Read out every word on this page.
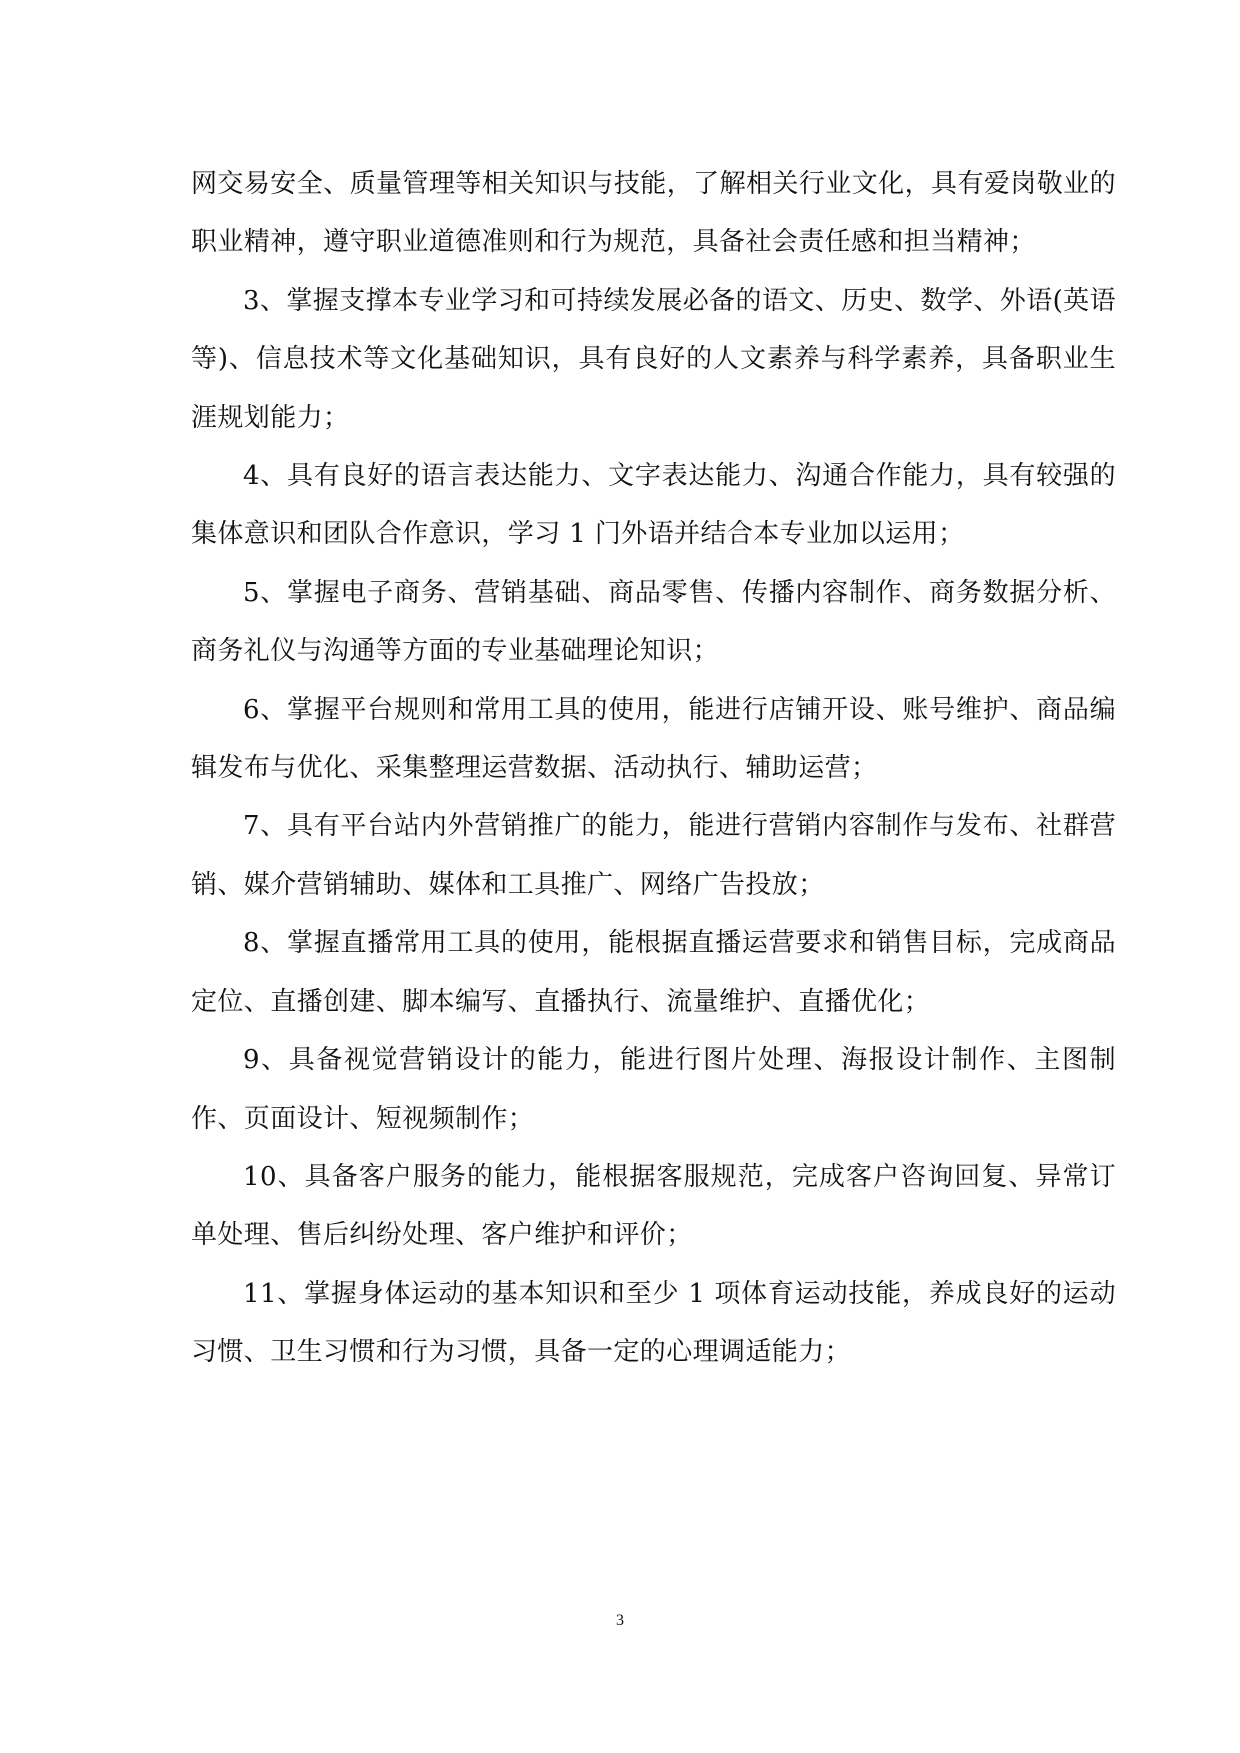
网交易安全、质量管理等相关知识与技能，了解相关行业文化，具有爱岗敬业的职业精神，遵守职业道德准则和行为规范，具备社会责任感和担当精神；

3、掌握支撑本专业学习和可持续发展必备的语文、历史、数学、外语(英语等)、信息技术等文化基础知识，具有良好的人文素养与科学素养，具备职业生涯规划能力；

4、具有良好的语言表达能力、文字表达能力、沟通合作能力，具有较强的集体意识和团队合作意识，学习 1 门外语并结合本专业加以运用；

5、掌握电子商务、营销基础、商品零售、传播内容制作、商务数据分析、商务礼仪与沟通等方面的专业基础理论知识；

6、掌握平台规则和常用工具的使用，能进行店铺开设、账号维护、商品编辑发布与优化、采集整理运营数据、活动执行、辅助运营；

7、具有平台站内外营销推广的能力，能进行营销内容制作与发布、社群营销、媒介营销辅助、媒体和工具推广、网络广告投放；

8、掌握直播常用工具的使用，能根据直播运营要求和销售目标，完成商品定位、直播创建、脚本编写、直播执行、流量维护、直播优化；

9、具备视觉营销设计的能力，能进行图片处理、海报设计制作、主图制作、页面设计、短视频制作；

10、具备客户服务的能力，能根据客服规范，完成客户咨询回复、异常订单处理、售后纠纷处理、客户维护和评价；

11、掌握身体运动的基本知识和至少 1 项体育运动技能，养成良好的运动习惯、卫生习惯和行为习惯，具备一定的心理调适能力；

3
